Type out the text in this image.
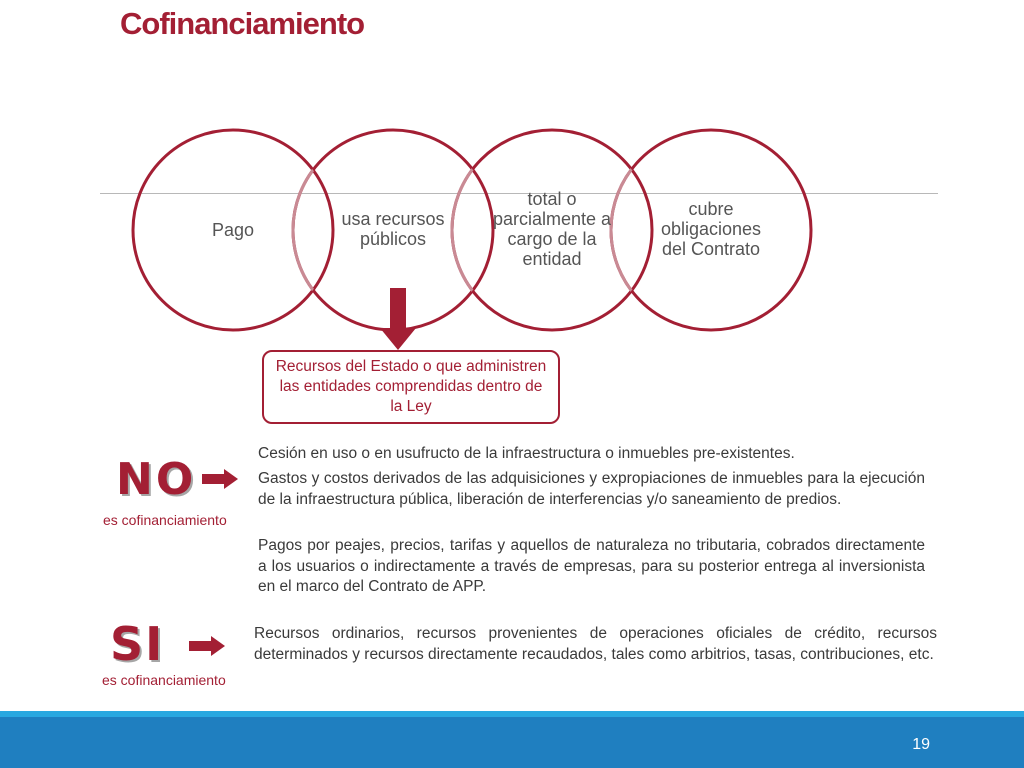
Cofinanciamiento
Pago
usa recursos públicos
total o parcialmente a cargo de la entidad
cubre obligaciones del Contrato
Recursos del Estado o que administren las entidades comprendidas dentro de la Ley
NO
es cofinanciamiento

Cesión en uso o en usufructo de la infraestructura o inmuebles pre-existentes.

Gastos y costos derivados de las adquisiciones y expropiaciones de inmuebles para la ejecución de la infraestructura pública, liberación de interferencias y/o saneamiento de predios.

Pagos por peajes, precios, tarifas y aquellos de naturaleza no tributaria, cobrados directamente a los usuarios o indirectamente a través de empresas, para su posterior entrega al inversionista en el marco del Contrato de APP.

SI
es cofinanciamiento

Recursos ordinarios, recursos provenientes de operaciones oficiales de crédito, recursos determinados y recursos directamente recaudados, tales como arbitrios, tasas, contribuciones, etc.

19
